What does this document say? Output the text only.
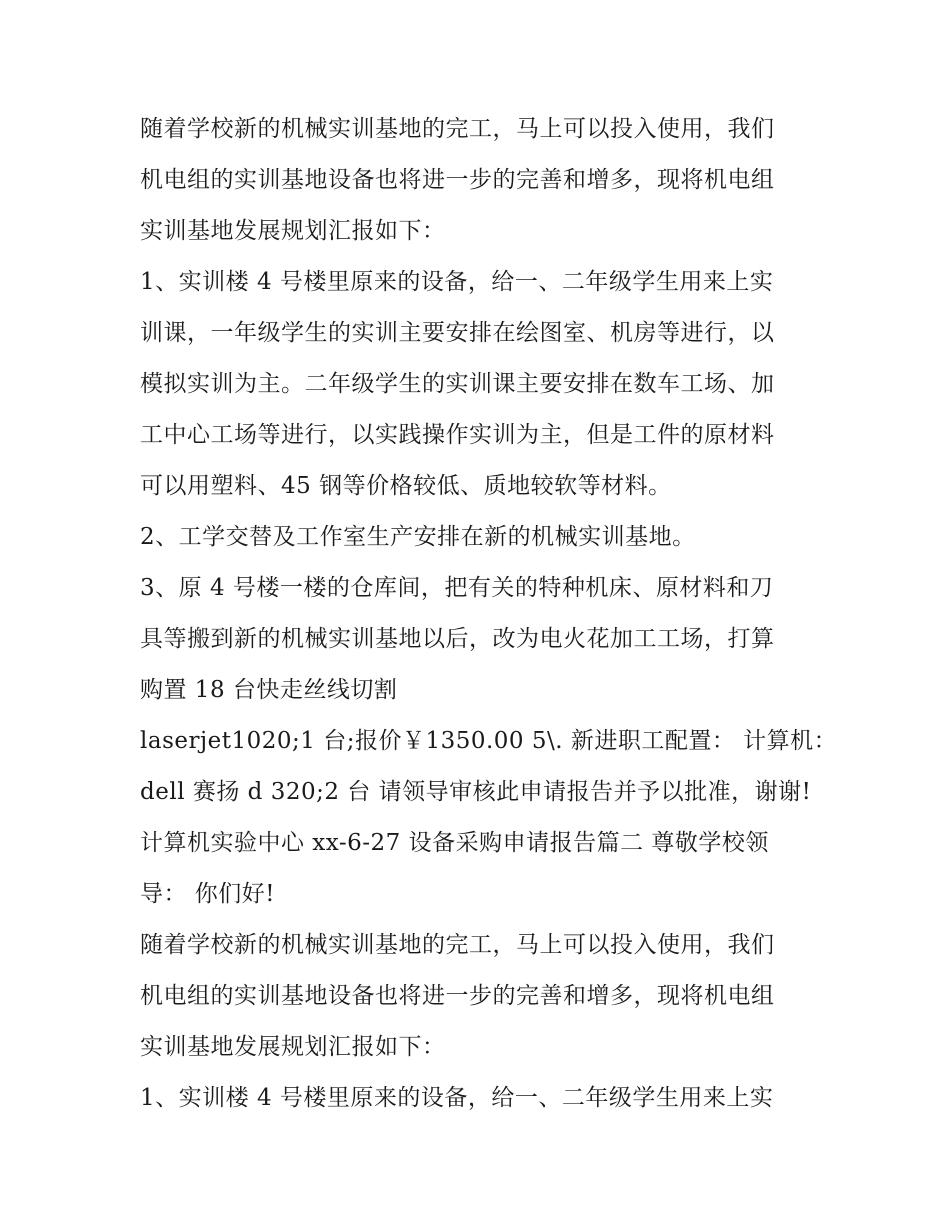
随着学校新的机械实训基地的完工，马上可以投入使用，我们
机电组的实训基地设备也将进一步的完善和增多，现将机电组
实训基地发展规划汇报如下：
1、实训楼 4 号楼里原来的设备，给一、二年级学生用来上实
训课，一年级学生的实训主要安排在绘图室、机房等进行，以
模拟实训为主。二年级学生的实训课主要安排在数车工场、加
工中心工场等进行，以实践操作实训为主，但是工件的原材料
可以用塑料、45 钢等价格较低、质地较软等材料。
2、工学交替及工作室生产安排在新的机械实训基地。
3、原 4 号楼一楼的仓库间，把有关的特种机床、原材料和刀
具等搬到新的机械实训基地以后，改为电火花加工工场，打算
购置 18 台快走丝线切割
laserjet1020;1 台;报价￥1350.00 5\. 新进职工配置： 计算机：
dell 赛扬 d 320;2 台 请领导审核此申请报告并予以批准，谢谢!
计算机实验中心 xx-6-27 设备采购申请报告篇二 尊敬学校领
导： 你们好!
随着学校新的机械实训基地的完工，马上可以投入使用，我们
机电组的实训基地设备也将进一步的完善和增多，现将机电组
实训基地发展规划汇报如下：
1、实训楼 4 号楼里原来的设备，给一、二年级学生用来上实
